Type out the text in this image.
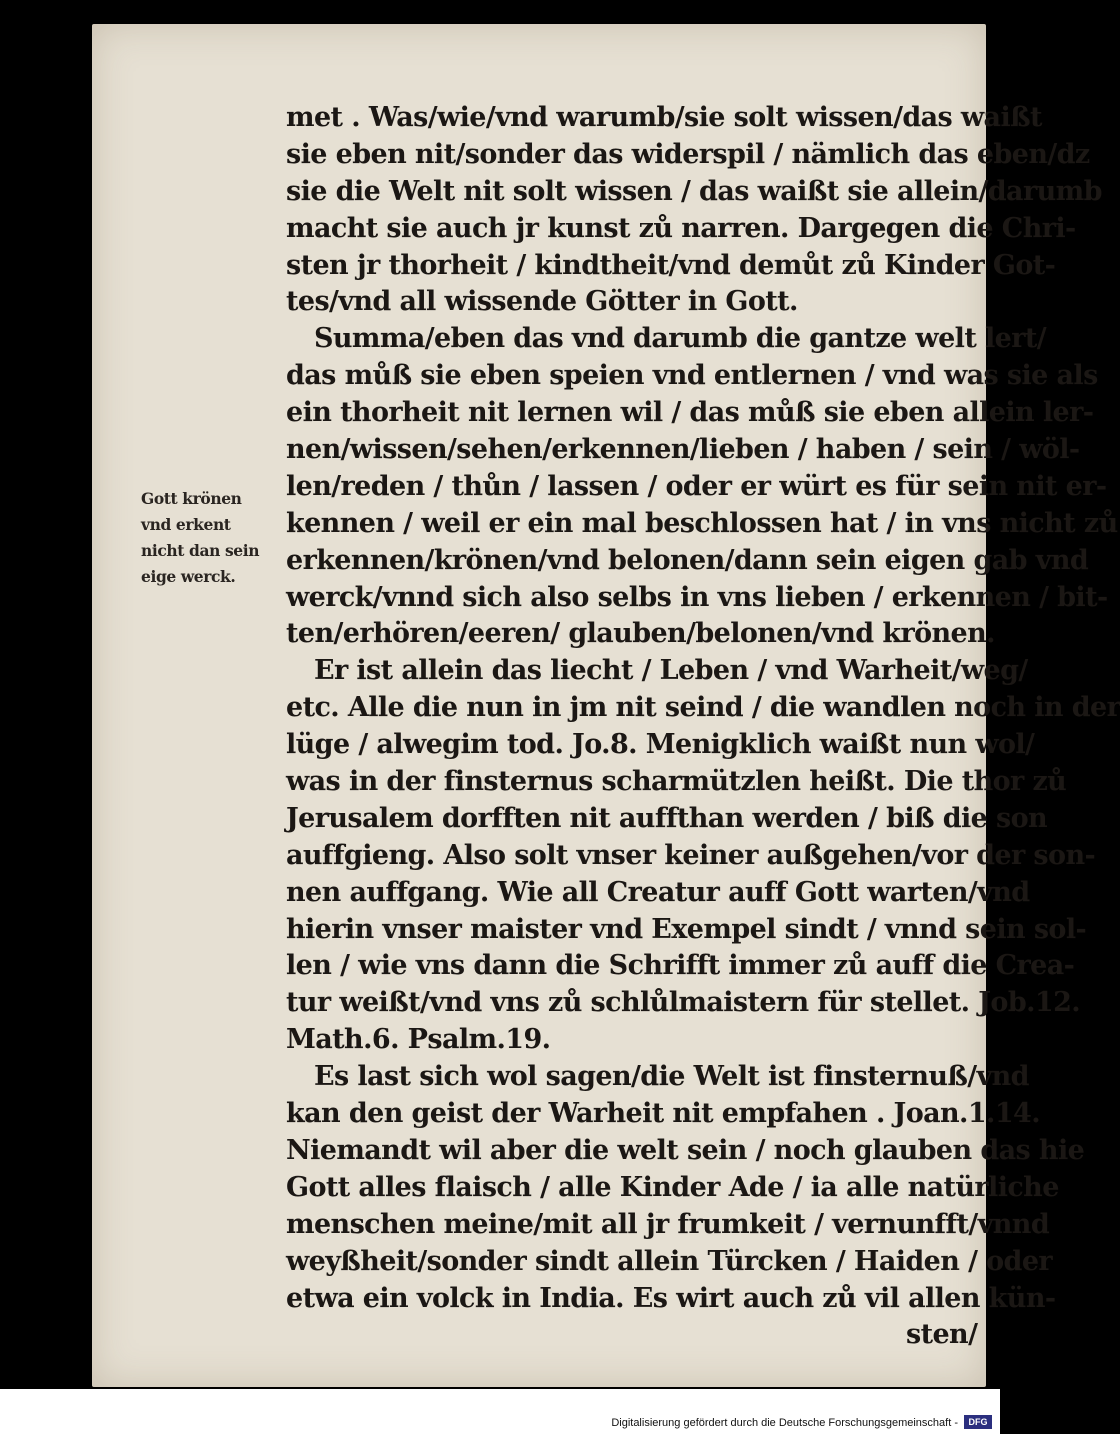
met . Was/wie/vnd warumb/sie solt wissen/das waißt
sie eben nit/sonder das widerspil / nämlich das eben/dz
sie die Welt nit solt wissen / das waißt sie allein/darumb
macht sie auch jr kunst zů narren. Dargegen die Chri-
sten jr thorheit / kindtheit/vnd demůt zů Kinder Got-
tes/vnd all wissende Götter in Gott.
Summa/eben das vnd darumb die gantze welt lert/
das můß sie eben speien vnd entlernen / vnd was sie als
ein thorheit nit lernen wil / das můß sie eben allein ler-
nen/wissen/sehen/erkennen/lieben / haben / sein / wöl-
len/reden / thůn / lassen / oder er würt es für sein nit er-
kennen / weil er ein mal beschlossen hat / in vns nicht zů
erkennen/krönen/vnd belonen/dann sein eigen gab vnd
werck/vnnd sich also selbs in vns lieben / erkennen / bit-
ten/erhören/eeren/ glauben/belonen/vnd krönen.
Er ist allein das liecht / Leben / vnd Warheit/weg/
etc. Alle die nun in jm nit seind / die wandlen noch in der
lüge / alwegim tod. Jo.8. Menigklich waißt nun wol/
was in der finsternus scharmützlen heißt. Die thor zů
Jerusalem dorfften nit auffthan werden / biß die son
auffgieng. Also solt vnser keiner außgehen/vor der son-
nen auffgang. Wie all Creatur auff Gott warten/vnd
hierin vnser maister vnd Exempel sindt / vnnd sein sol-
len / wie vns dann die Schrifft immer zů auff die Crea-
tur weißt/vnd vns zů schlůlmaistern für stellet. Job.12.
Math.6. Psalm.19.
Es last sich wol sagen/die Welt ist finsternuß/vnd
kan den geist der Warheit nit empfahen . Joan.1.14.
Niemandt wil aber die welt sein / noch glauben das hie
Gott alles flaisch / alle Kinder Ade / ia alle natürliche
menschen meine/mit all jr frumkeit / vernunfft/vnnd
weyßheit/sonder sindt allein Türcken / Haiden / oder
etwa ein volck in India. Es wirt auch zů vil allen kün-
sten/
Gott krönen
vnd erkent
nicht dan sein
eige werck.
Digitalisierung gefördert durch die Deutsche Forschungsgemeinschaft -	DFG
